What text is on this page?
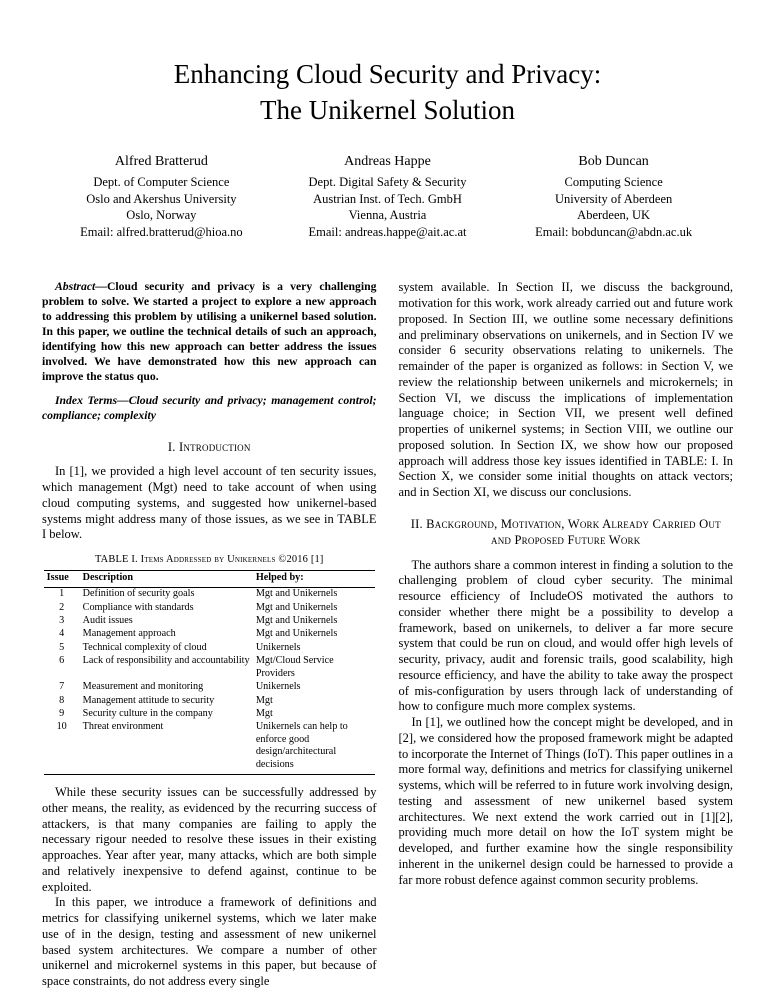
Enhancing Cloud Security and Privacy:
The Unikernel Solution
Alfred Bratterud
Dept. of Computer Science
Oslo and Akershus University
Oslo, Norway
Email: alfred.bratterud@hioa.no
Andreas Happe
Dept. Digital Safety & Security
Austrian Inst. of Tech. GmbH
Vienna, Austria
Email: andreas.happe@ait.ac.at
Bob Duncan
Computing Science
University of Aberdeen
Aberdeen, UK
Email: bobduncan@abdn.ac.uk

Abstract—Cloud security and privacy is a very challenging problem to solve. We started a project to explore a new approach to addressing this problem by utilising a unikernel based solution. In this paper, we outline the technical details of such an approach, identifying how this new approach can better address the issues involved. We have demonstrated how this new approach can improve the status quo.

Index Terms—Cloud security and privacy; management control; compliance; complexity

I. Introduction

In [1], we provided a high level account of ten security issues, which management (Mgt) need to take account of when using cloud computing systems, and suggested how unikernel-based systems might address many of those issues, as we see in TABLE I below.

TABLE I. Items Addressed by Unikernels ©2016 [1]
Issue	Description	Helped by:
1	Definition of security goals	Mgt and Unikernels
2	Compliance with standards	Mgt and Unikernels
3	Audit issues	Mgt and Unikernels
4	Management approach	Mgt and Unikernels
5	Technical complexity of cloud	Unikernels
6	Lack of responsibility and accountability	Mgt/Cloud Service Providers
7	Measurement and monitoring	Unikernels
8	Management attitude to security	Mgt
9	Security culture in the company	Mgt
10	Threat environment	Unikernels can help to enforce good design/architectural decisions

While these security issues can be successfully addressed by other means, the reality, as evidenced by the recurring success of attackers, is that many companies are failing to apply the necessary rigour needed to resolve these issues in their existing approaches. Year after year, many attacks, which are both simple and relatively inexpensive to defend against, continue to be exploited.

In this paper, we introduce a framework of definitions and metrics for classifying unikernel systems, which we later make use of in the design, testing and assessment of new unikernel based system architectures. We compare a number of other unikernel and microkernel systems in this paper, but because of space constraints, do not address every single

system available. In Section II, we discuss the background, motivation for this work, work already carried out and future work proposed. In Section III, we outline some necessary definitions and preliminary observations on unikernels, and in Section IV we consider 6 security observations relating to unikernels. The remainder of the paper is organized as follows: in Section V, we review the relationship between unikernels and microkernels; in Section VI, we discuss the implications of implementation language choice; in Section VII, we present well defined properties of unikernel systems; in Section VIII, we outline our proposed solution. In Section IX, we show how our proposed approach will address those key issues identified in TABLE: I. In Section X, we consider some initial thoughts on attack vectors; and in Section XI, we discuss our conclusions.

II. Background, Motivation, Work Already Carried Out and Proposed Future Work

The authors share a common interest in finding a solution to the challenging problem of cloud cyber security. The minimal resource efficiency of IncludeOS motivated the authors to consider whether there might be a possibility to develop a framework, based on unikernels, to deliver a far more secure system that could be run on cloud, and would offer high levels of security, privacy, audit and forensic trails, good scalability, high resource efficiency, and have the ability to take away the prospect of mis-configuration by users through lack of understanding of how to configure much more complex systems.

In [1], we outlined how the concept might be developed, and in [2], we considered how the proposed framework might be adapted to incorporate the Internet of Things (IoT). This paper outlines in a more formal way, definitions and metrics for classifying unikernel systems, which will be referred to in future work involving design, testing and assessment of new unikernel based system architectures. We next extend the work carried out in [1][2], providing much more detail on how the IoT system might be developed, and further examine how the single responsibility inherent in the unikernel design could be harnessed to provide a far more robust defence against common security problems.
